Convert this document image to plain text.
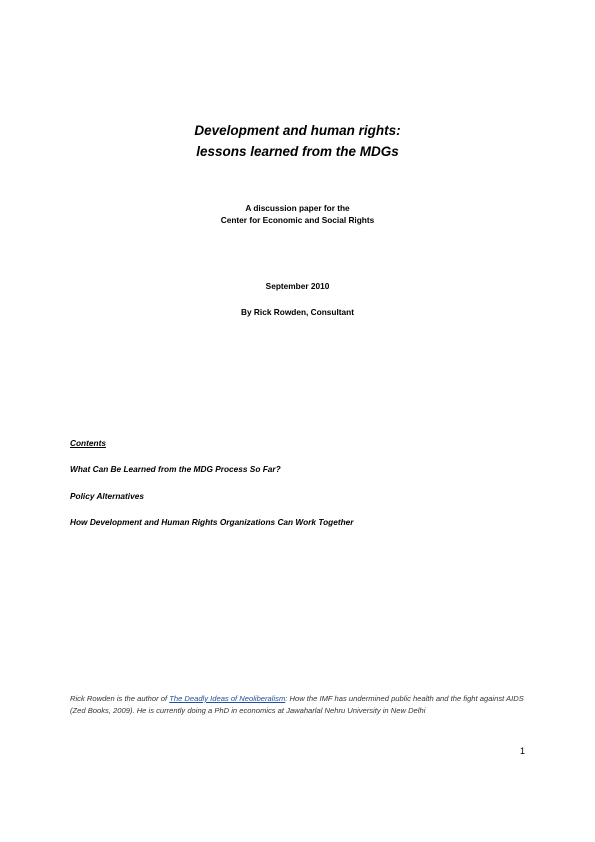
Development and human rights:
lessons learned from the MDGs
A discussion paper for the
Center for Economic and Social Rights
September 2010
By Rick Rowden, Consultant
Contents
What Can Be Learned from the MDG Process So Far?
Policy Alternatives
How Development and Human Rights Organizations Can Work Together
Rick Rowden is the author of The Deadly Ideas of Neoliberalism: How the IMF has undermined public health and the fight against AIDS (Zed Books, 2009). He is currently doing a PhD in economics at Jawaharlal Nehru University in New Delhi
1
